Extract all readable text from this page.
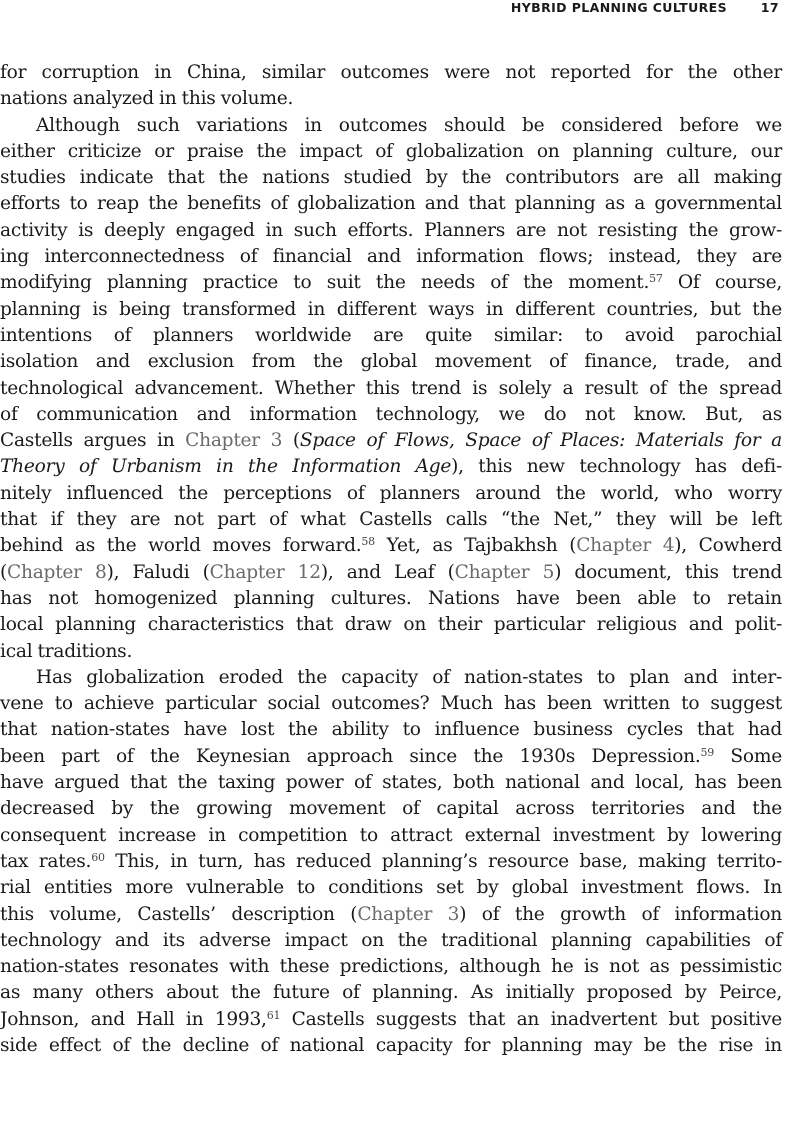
HYBRID PLANNING CULTURES	17
for corruption in China, similar outcomes were not reported for the other
nations analyzed in this volume.
Although such variations in outcomes should be considered before we
either criticize or praise the impact of globalization on planning culture, our
studies indicate that the nations studied by the contributors are all making
efforts to reap the benefits of globalization and that planning as a governmental
activity is deeply engaged in such efforts. Planners are not resisting the grow-
ing interconnectedness of financial and information flows; instead, they are
modifying planning practice to suit the needs of the moment.$^{57}$ Of course,
planning is being transformed in different ways in different countries, but the
intentions of planners worldwide are quite similar: to avoid parochial
isolation and exclusion from the global movement of finance, trade, and
technological advancement. Whether this trend is solely a result of the spread
of communication and information technology, we do not know. But, as
Castells argues in Chapter 3 (Space of Flows, Space of Places: Materials for a
Theory of Urbanism in the Information Age), this new technology has defi-
nitely influenced the perceptions of planners around the world, who worry
that if they are not part of what Castells calls “the Net,” they will be left
behind as the world moves forward.$^{58}$ Yet, as Tajbakhsh (Chapter 4), Cowherd
(Chapter 8), Faludi (Chapter 12), and Leaf (Chapter 5) document, this trend
has not homogenized planning cultures. Nations have been able to retain
local planning characteristics that draw on their particular religious and polit-
ical traditions.
Has globalization eroded the capacity of nation-states to plan and inter-
vene to achieve particular social outcomes? Much has been written to suggest
that nation-states have lost the ability to influence business cycles that had
been part of the Keynesian approach since the 1930s Depression.$^{59}$ Some
have argued that the taxing power of states, both national and local, has been
decreased by the growing movement of capital across territories and the
consequent increase in competition to attract external investment by lowering
tax rates.$^{60}$ This, in turn, has reduced planning’s resource base, making territo-
rial entities more vulnerable to conditions set by global investment flows. In
this volume, Castells’ description (Chapter 3) of the growth of information
technology and its adverse impact on the traditional planning capabilities of
nation-states resonates with these predictions, although he is not as pessimistic
as many others about the future of planning. As initially proposed by Peirce,
Johnson, and Hall in 1993,61 Castells suggests that an inadvertent but positive
side effect of the decline of national capacity for planning may be the rise in
